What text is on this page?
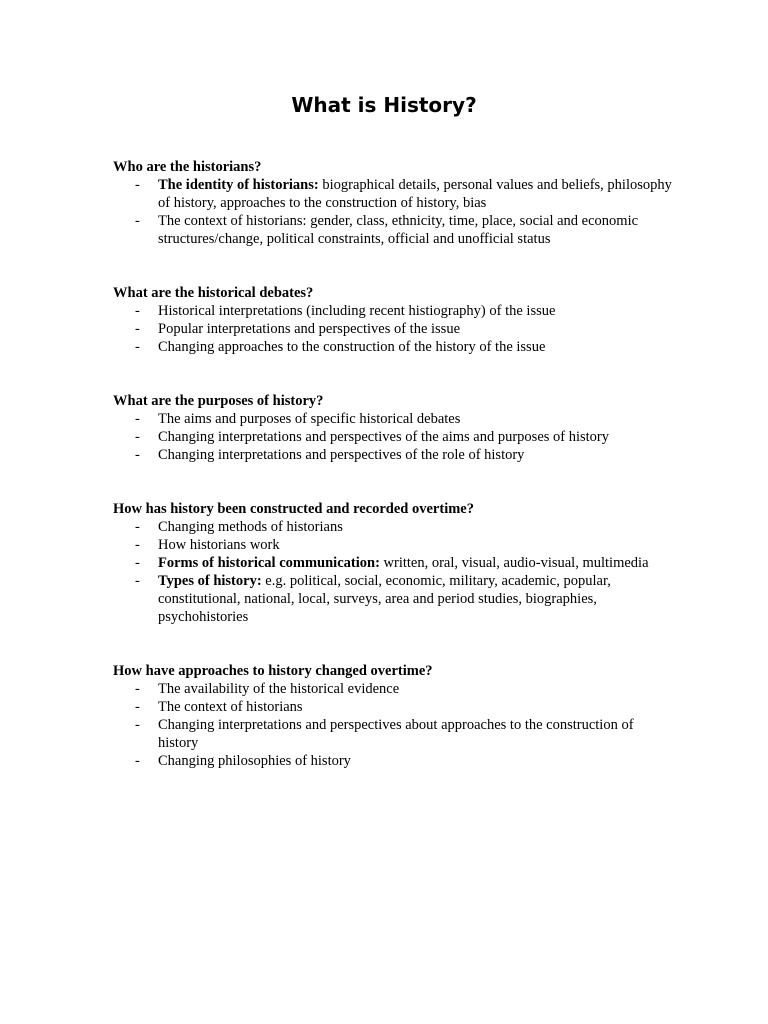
What is History?
Who are the historians?
- The identity of historians: biographical details, personal values and beliefs, philosophy of history, approaches to the construction of history, bias
- The context of historians: gender, class, ethnicity, time, place, social and economic structures/change, political constraints, official and unofficial status
What are the historical debates?
- Historical interpretations (including recent histiography) of the issue
- Popular interpretations and perspectives of the issue
- Changing approaches to the construction of the history of the issue
What are the purposes of history?
- The aims and purposes of specific historical debates
- Changing interpretations and perspectives of the aims and purposes of history
- Changing interpretations and perspectives of the role of history
How has history been constructed and recorded overtime?
- Changing methods of historians
- How historians work
- Forms of historical communication: written, oral, visual, audio-visual, multimedia
- Types of history: e.g. political, social, economic, military, academic, popular, constitutional, national, local, surveys, area and period studies, biographies, psychohistories
How have approaches to history changed overtime?
- The availability of the historical evidence
- The context of historians
- Changing interpretations and perspectives about approaches to the construction of history
- Changing philosophies of history
